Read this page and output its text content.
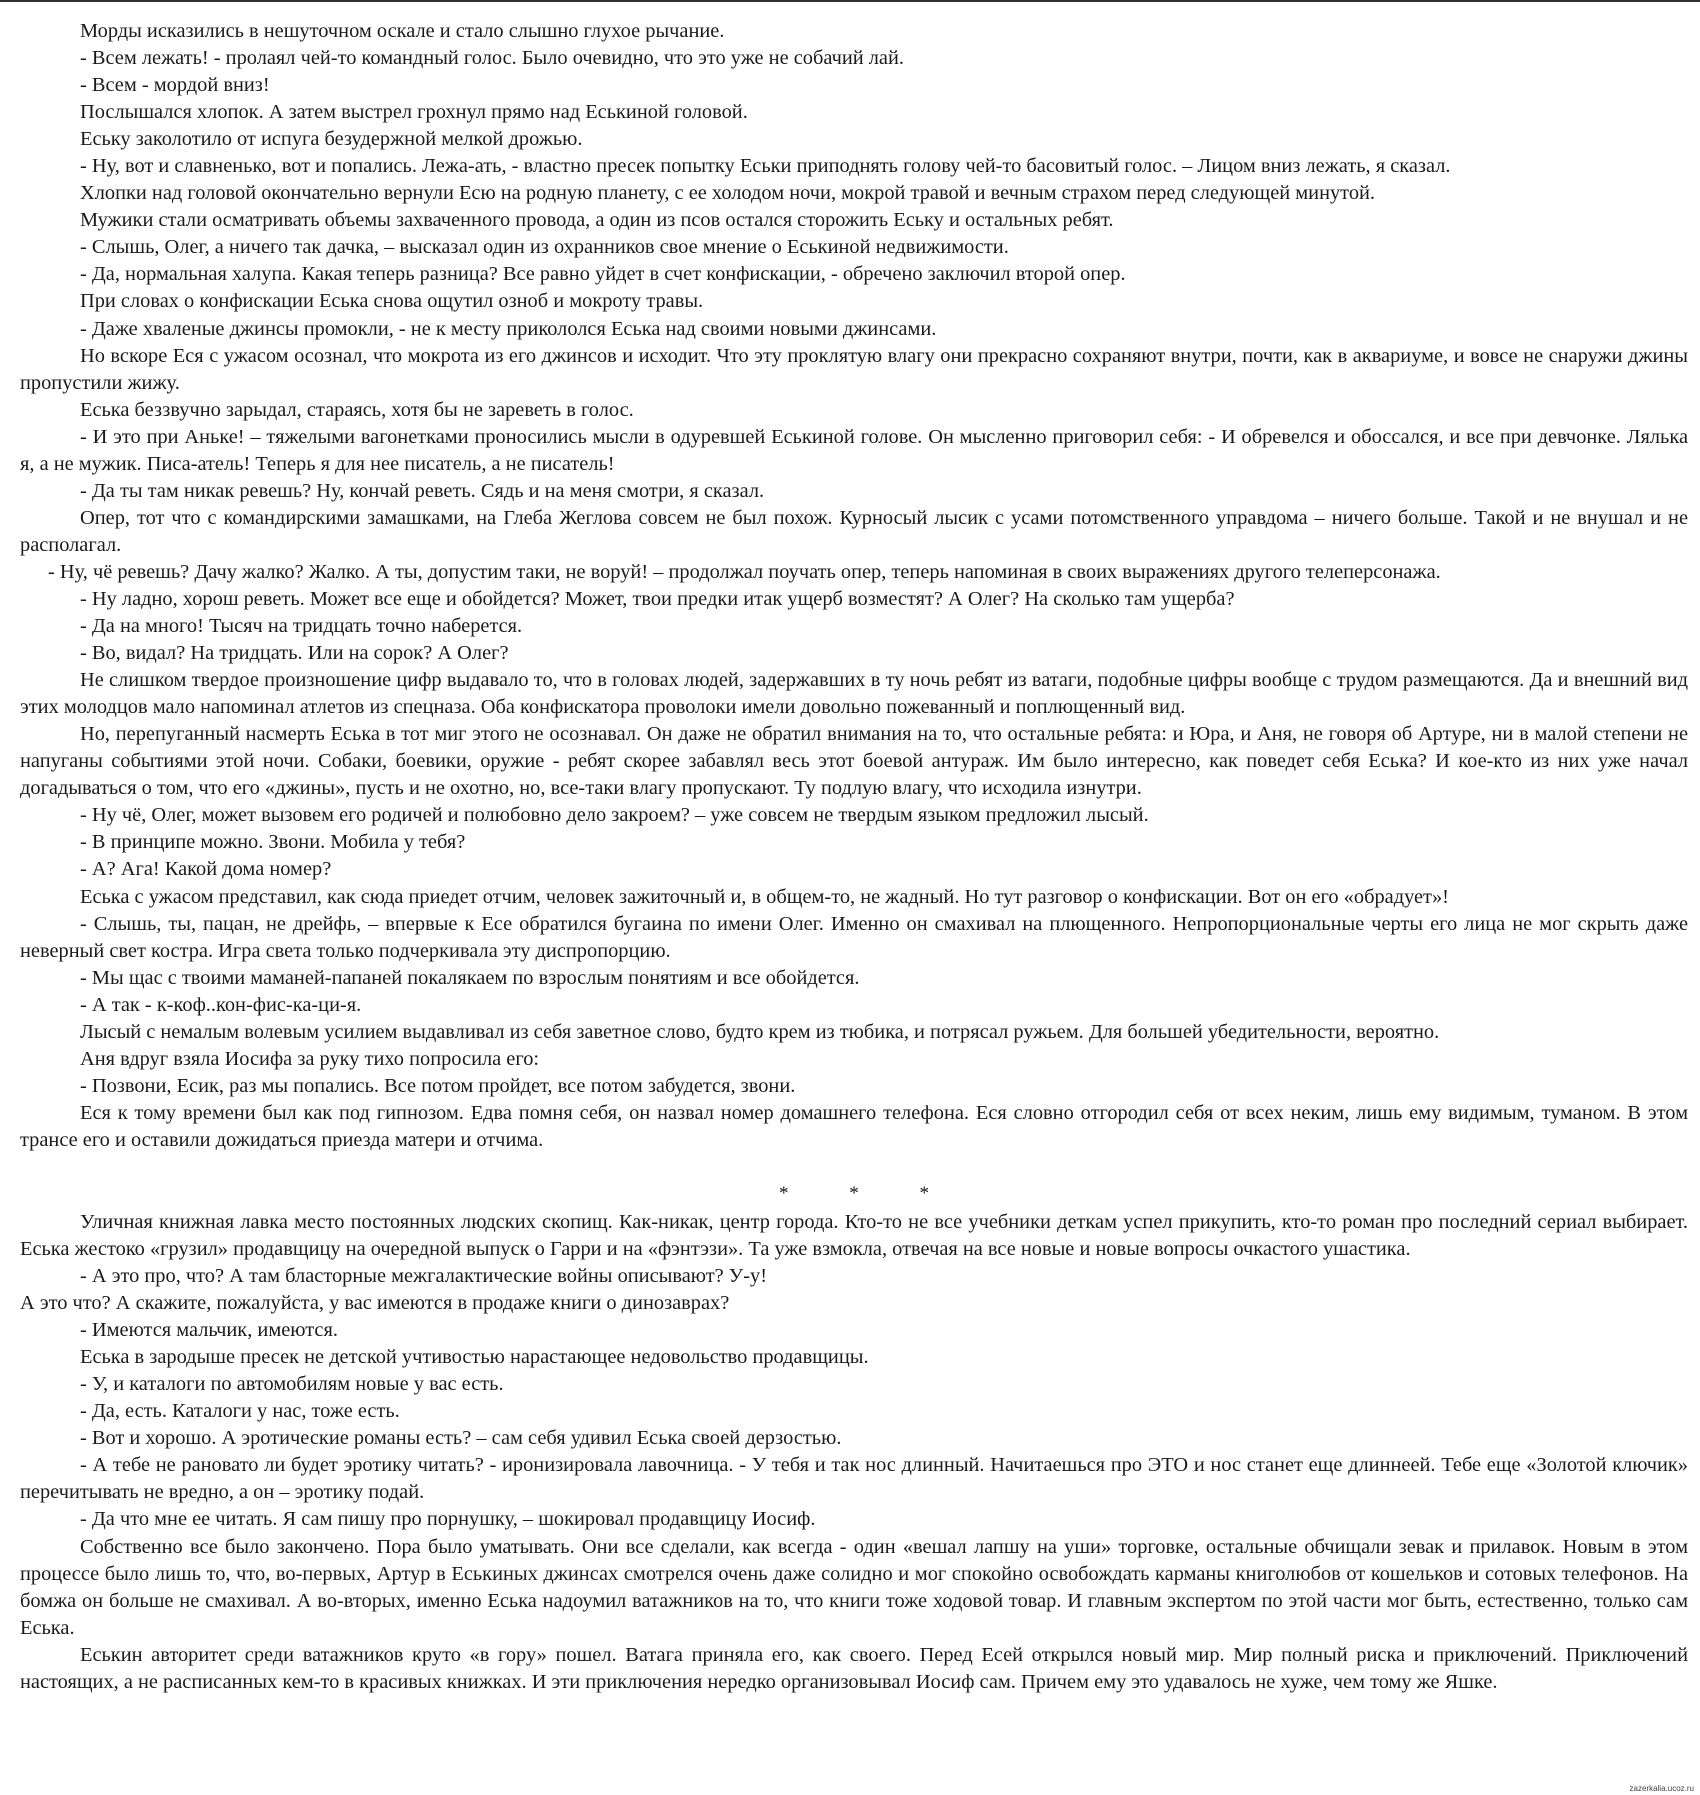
Морды исказились в нешуточном оскале и стало слышно глухое рычание.

- Всем лежать! - пролаял чей-то командный голос. Было очевидно, что это уже не собачий лай.

- Всем - мордой вниз!

Послышался хлопок. А затем выстрел грохнул прямо над Еськиной головой.

Еську заколотило от испуга безудержной мелкой дрожью.

- Ну, вот и славненько, вот и попались. Лежа-ать, - властно пресек попытку Еськи приподнять голову чей-то басовитый голос. – Лицом вниз лежать, я сказал.

Хлопки над головой окончательно вернули Есю на родную планету, с ее холодом ночи, мокрой травой и вечным страхом перед следующей минутой.

Мужики стали осматривать объемы захваченного провода, а один из псов остался сторожить Еську и остальных ребят.

- Слышь, Олег, а ничего так дачка, – высказал один из охранников свое мнение о Еськиной недвижимости.

- Да, нормальная халупа. Какая теперь разница? Все равно уйдет в счет конфискации, - обречено заключил второй опер.

При словах о конфискации Еська снова ощутил озноб и мокроту травы.

- Даже хваленые джинсы промокли, - не к месту прикололся Еська над своими новыми джинсами.

Но вскоре Еся с ужасом осознал, что мокрота из его джинсов и исходит. Что эту проклятую влагу они прекрасно сохраняют внутри, почти, как в аквариуме, и вовсе не снаружи джины пропустили жижу.

Еська беззвучно зарыдал, стараясь, хотя бы не зареветь в голос.

- И это при Аньке! – тяжелыми вагонетками проносились мысли в одуревшей Еськиной голове. Он мысленно приговорил себя: - И обревелся и обоссался, и все при девчонке. Лялька я, а не мужик. Писа-атель! Теперь я для нее писатель, а не писатель!

- Да ты там никак ревешь? Ну, кончай реветь. Сядь и на меня смотри, я сказал.

Опер, тот что с командирскими замашками, на Глеба Жеглова совсем не был похож. Курносый лысик с усами потомственного управдома – ничего больше. Такой и не внушал и не располагал.

- Ну, чё ревешь? Дачу жалко? Жалко. А ты, допустим таки, не воруй! – продолжал поучать опер, теперь напоминая в своих выражениях другого телеперсонажа.

- Ну ладно, хорош реветь. Может все еще и обойдется? Может, твои предки итак ущерб возместят? А Олег? На сколько там ущерба?

- Да на много! Тысяч на тридцать точно наберется.

- Во, видал? На тридцать. Или на сорок? А Олег?

Не слишком твердое произношение цифр выдавало то, что в головах людей, задержавших в ту ночь ребят из ватаги, подобные цифры вообще с трудом размещаются. Да и внешний вид этих молодцов мало напоминал атлетов из спецназа. Оба конфискатора проволоки имели довольно пожеванный и поплющенный вид.

Но, перепуганный насмерть Еська в тот миг этого не осознавал. Он даже не обратил внимания на то, что остальные ребята: и Юра, и Аня, не говоря об Артуре, ни в малой степени не напуганы событиями этой ночи. Собаки, боевики, оружие - ребят скорее забавлял весь этот боевой антураж. Им было интересно, как поведет себя Еська? И кое-кто из них уже начал догадываться о том, что его «джины», пусть и не охотно, но, все-таки влагу пропускают. Ту подлую влагу, что исходила изнутри.

- Ну чё, Олег, может вызовем его родичей и полюбовно дело закроем? – уже совсем не твердым языком предложил лысый.

- В принципе можно. Звони. Мобила у тебя?

- А? Ага! Какой дома номер?

Еська с ужасом представил, как сюда приедет отчим, человек зажиточный и, в общем-то, не жадный. Но тут разговор о конфискации. Вот он его «обрадует»!

- Слышь, ты, пацан, не дрейфь, – впервые к Есе обратился бугаина по имени Олег. Именно он смахивал на плющенного. Непропорциональные черты его лица не мог скрыть даже неверный свет костра. Игра света только подчеркивала эту диспропорцию.

- Мы щас с твоими маманей-папаней покалякаем по взрослым понятиям и все обойдется.

- А так - к-коф..кон-фис-ка-ци-я.

Лысый с немалым волевым усилием выдавливал из себя заветное слово, будто крем из тюбика, и потрясал ружьем. Для большей убедительности, вероятно.

Аня вдруг взяла Иосифа за руку тихо попросила его:

- Позвони, Есик, раз мы попались. Все потом пройдет, все потом забудется, звони.

Еся к тому времени был как под гипнозом. Едва помня себя, он назвал номер домашнего телефона. Еся словно отгородил себя от всех неким, лишь ему видимым, туманом. В этом трансе его и оставили дожидаться приезда матери и отчима.

* * *

Уличная книжная лавка место постоянных людских скопищ. Как-никак, центр города. Кто-то не все учебники деткам успел прикупить, кто-то роман про последний сериал выбирает. Еська жестоко «грузил» продавщицу на очередной выпуск о Гарри и на «фэнтэзи». Та уже взмокла, отвечая на все новые и новые вопросы очкастого ушастика.

- А это про, что? А там бласторные межгалактические войны описывают? У-у!

А это что? А скажите, пожалуйста, у вас имеются в продаже книги о динозаврах?

- Имеются мальчик, имеются.

Еська в зародыше пресек не детской учтивостью нарастающее недовольство продавщицы.

- У, и каталоги по автомобилям новые у вас есть.

- Да, есть. Каталоги у нас, тоже есть.

- Вот и хорошо. А эротические романы есть? – сам себя удивил Еська своей дерзостью.

- А тебе не рановато ли будет эротику читать? - иронизировала лавочница. - У тебя и так нос длинный. Начитаешься про ЭТО и нос станет еще длиннеей. Тебе еще «Золотой ключик» перечитывать не вредно, а он – эротику подай.

- Да что мне ее читать. Я сам пишу про порнушку, – шокировал продавщицу Иосиф.

Собственно все было закончено. Пора было уматывать. Они все сделали, как всегда - один «вешал лапшу на уши» торговке, остальные обчищали зевак и прилавок. Новым в этом процессе было лишь то, что, во-первых, Артур в Еськиных джинсах смотрелся очень даже солидно и мог спокойно освобождать карманы книголюбов от кошельков и сотовых телефонов. На бомжа он больше не смахивал. А во-вторых, именно Еська надоумил ватажников на то, что книги тоже ходовой товар. И главным экспертом по этой части мог быть, естественно, только сам Еська.

Еськин авторитет среди ватажников круто «в гору» пошел. Ватага приняла его, как своего. Перед Есей открылся новый мир. Мир полный риска и приключений. Приключений настоящих, а не расписанных кем-то в красивых книжках. И эти приключения нередко организовывал Иосиф сам. Причем ему это удавалось не хуже, чем тому же Яшке.

zazerkalia.ucoz.ru
